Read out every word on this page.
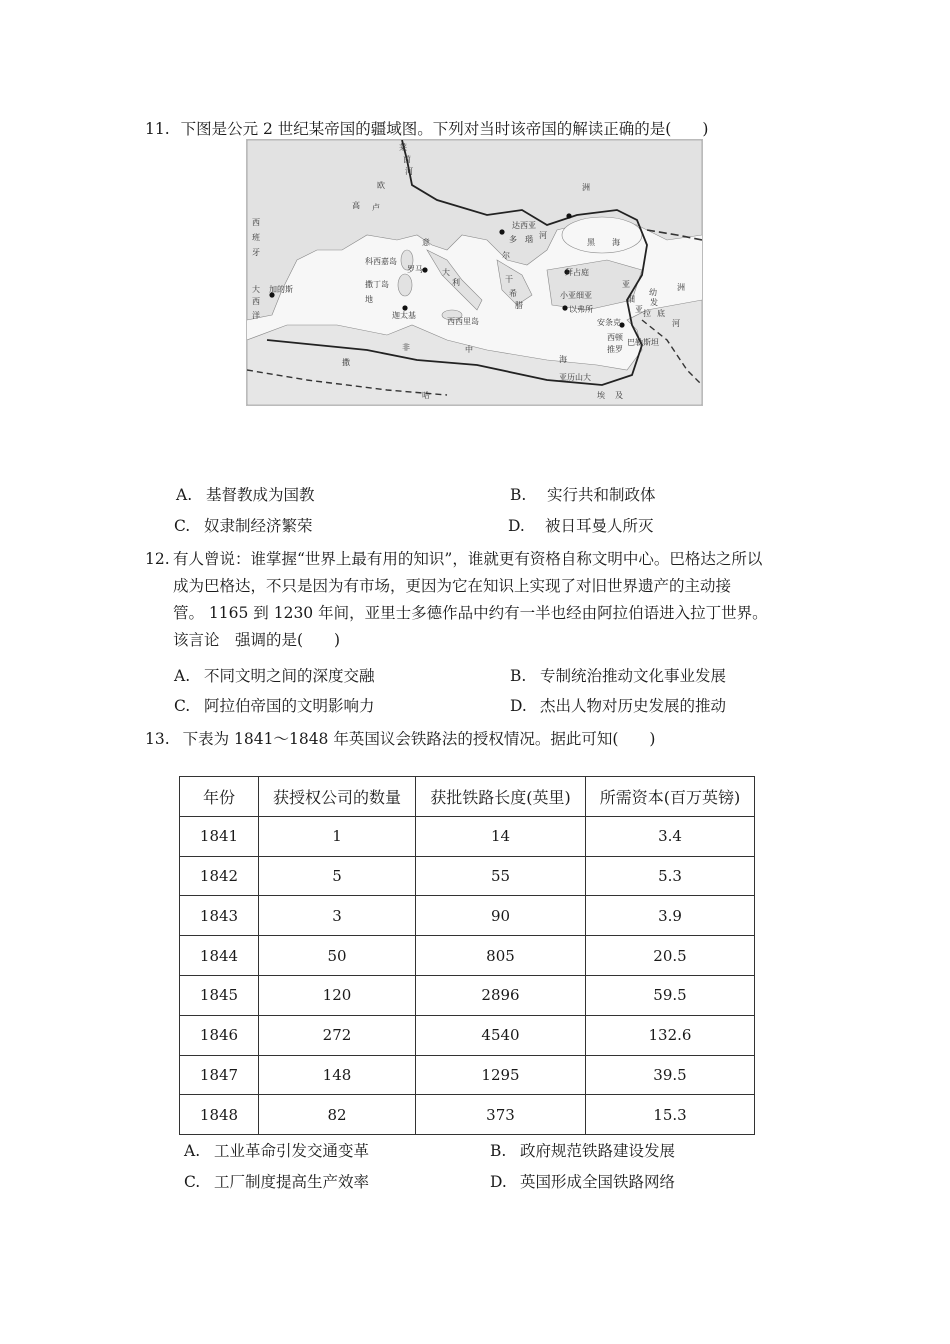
11. 下图是公元 2 世纪某帝国的疆域图。下列对当时该帝国的解读正确的是(　　)
欧	洲
高 卢
西
班
牙
莱
茵
河
达西亚
多 瑙 河
黑 海
意
大
利
罗马
科西嘉岛
撒丁岛
西西里岛
加的斯
迦太基
拜占庭
小亚细亚
以弗所
安条克
亚
细
亚
幼
发
拉 底
河
洲
大
西
洋
地
中
海
非
撒
哈
亚历山大
巴勒斯坦
尔
干
希
腊
西顿
推罗
埃 及
A. 基督教成为国教	B. 实行共和制政体
C. 奴隶制经济繁荣	D. 被日耳曼人所灭
12. 有人曾说：谁掌握“世界上最有用的知识”，谁就更有资格自称文明中心。巴格达之所以
成为巴格达，不只是因为有市场，更因为它在知识上实现了对旧世界遗产的主动接
管。 1165 到 1230 年间，亚里士多德作品中约有一半也经由阿拉伯语进入拉丁世界。
该言论　强调的是(　　)
A. 不同文明之间的深度交融	B. 专制统治推动文化事业发展
C. 阿拉伯帝国的文明影响力	D. 杰出人物对历史发展的推动
13. 下表为 1841～1848 年英国议会铁路法的授权情况。据此可知(　　)
年份	获授权公司的数量	获批铁路长度(英里)	所需资本(百万英镑)
1841	1	14	3.4
1842	5	55	5.3
1843	3	90	3.9
1844	50	805	20.5
1845	120	2896	59.5
1846	272	4540	132.6
1847	148	1295	39.5
1848	82	373	15.3
A. 工业革命引发交通变革	B. 政府规范铁路建设发展
C. 工厂制度提高生产效率	D. 英国形成全国铁路网络
